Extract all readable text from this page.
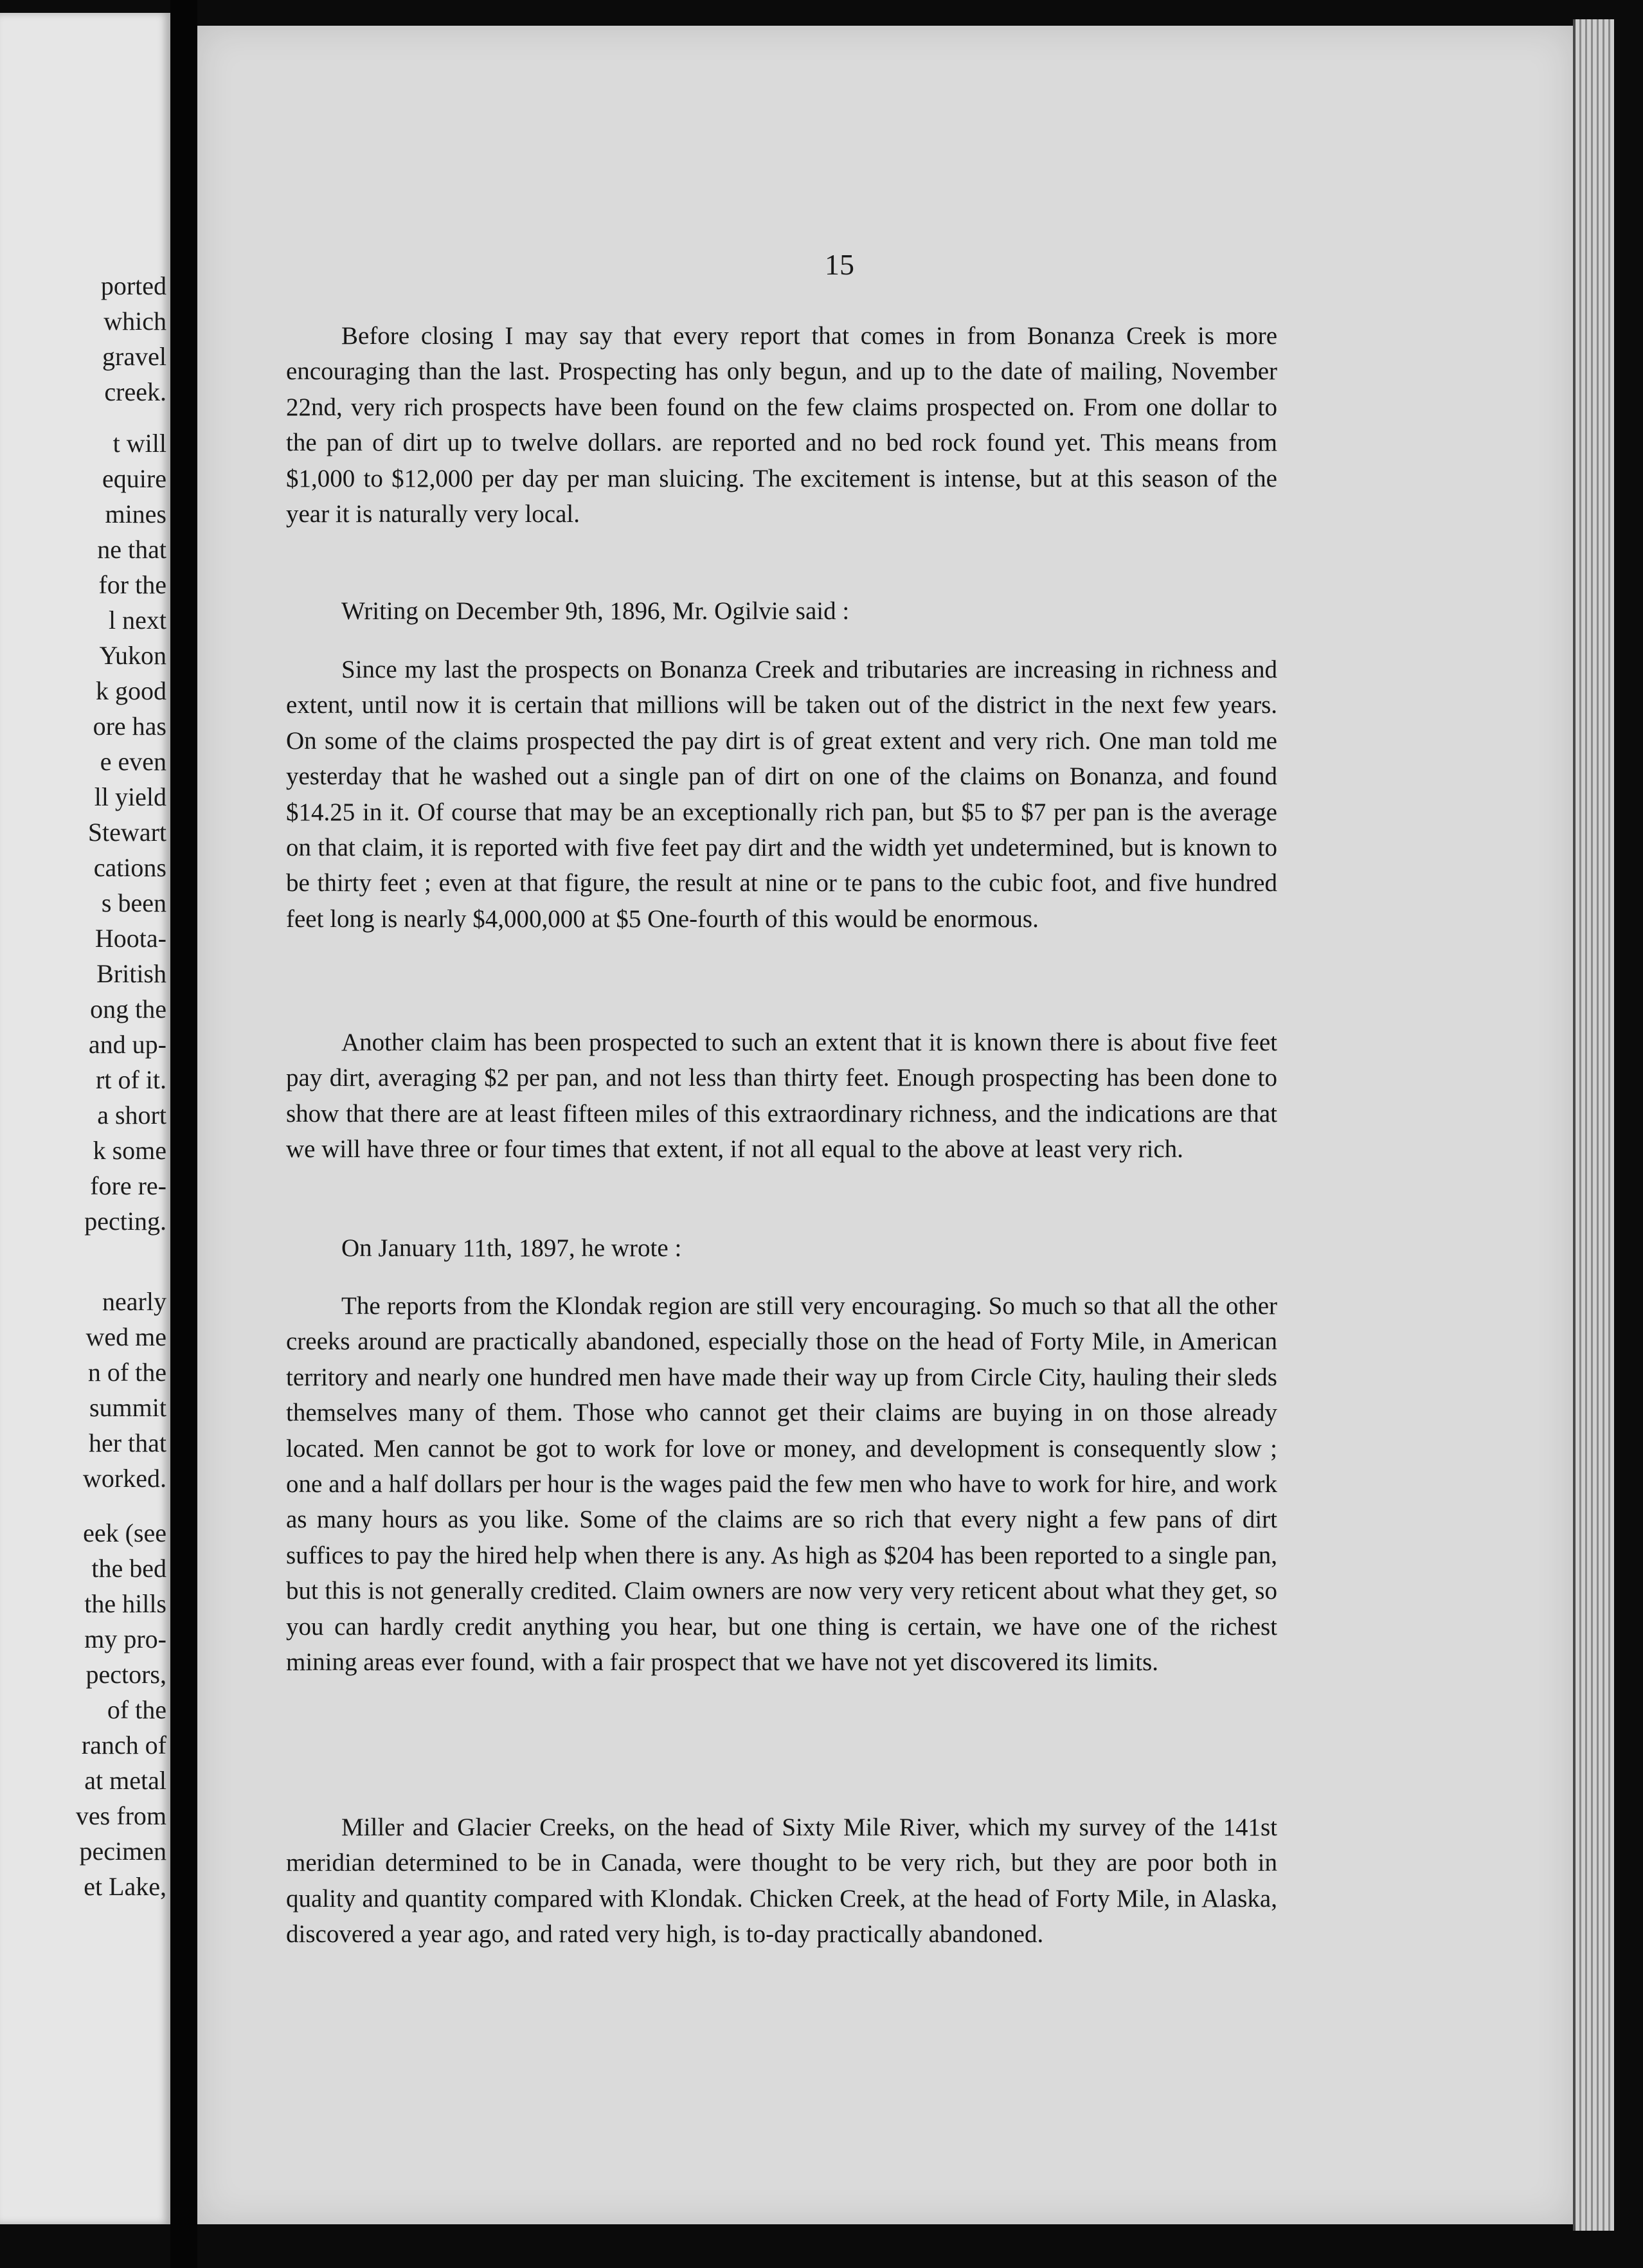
ported
which
gravel
creek.
t will
equire
mines
ne that
for the
l next
Yukon
k good
ore has
e even
ll yield
Stewart
cations
s been
Hoota-
British
ong the
and up-
rt of it.
a short
k some
fore re-
pecting.
nearly
wed me
n of the
summit
her that
worked.
eek (see
the bed
the hills
my pro-
pectors,
of the
ranch of
at metal
ves from
pecimen
et Lake,
15

Before closing I may say that every report that comes in from Bonanza Creek is more encouraging than the last. Prospecting has only begun, and up to the date of mailing, November 22nd, very rich prospects have been found on the few claims prospected on. From one dollar to the pan of dirt up to twelve dollars. are reported and no bed rock found yet. This means from $1,000 to $12,000 per day per man sluicing. The excitement is intense, but at this season of the year it is naturally very local.

Writing on December 9th, 1896, Mr. Ogilvie said :

Since my last the prospects on Bonanza Creek and tributaries are increasing in richness and extent, until now it is certain that millions will be taken out of the district in the next few years. On some of the claims prospected the pay dirt is of great extent and very rich. One man told me yesterday that he washed out a single pan of dirt on one of the claims on Bonanza, and found $14.25 in it. Of course that may be an exceptionally rich pan, but $5 to $7 per pan is the average on that claim, it is reported with five feet pay dirt and the width yet undetermined, but is known to be thirty feet ; even at that figure, the result at nine or te pans to the cubic foot, and five hundred feet long is nearly $4,000,000 at $5 One-fourth of this would be enormous.

Another claim has been prospected to such an extent that it is known there is about five feet pay dirt, averaging $2 per pan, and not less than thirty feet. Enough prospecting has been done to show that there are at least fifteen miles of this extraordinary richness, and the indications are that we will have three or four times that extent, if not all equal to the above at least very rich.

On January 11th, 1897, he wrote :

The reports from the Klondak region are still very encouraging. So much so that all the other creeks around are practically abandoned, especially those on the head of Forty Mile, in American territory and nearly one hundred men have made their way up from Circle City, hauling their sleds themselves many of them. Those who cannot get their claims are buying in on those already located. Men cannot be got to work for love or money, and development is consequently slow ; one and a half dollars per hour is the wages paid the few men who have to work for hire, and work as many hours as you like. Some of the claims are so rich that every night a few pans of dirt suffices to pay the hired help when there is any. As high as $204 has been reported to a single pan, but this is not generally credited. Claim owners are now very very reticent about what they get, so you can hardly credit anything you hear, but one thing is certain, we have one of the richest mining areas ever found, with a fair prospect that we have not yet discovered its limits.

Miller and Glacier Creeks, on the head of Sixty Mile River, which my survey of the 141st meridian determined to be in Canada, were thought to be very rich, but they are poor both in quality and quantity compared with Klondak. Chicken Creek, at the head of Forty Mile, in Alaska, discovered a year ago, and rated very high, is to-day practically abandoned.
